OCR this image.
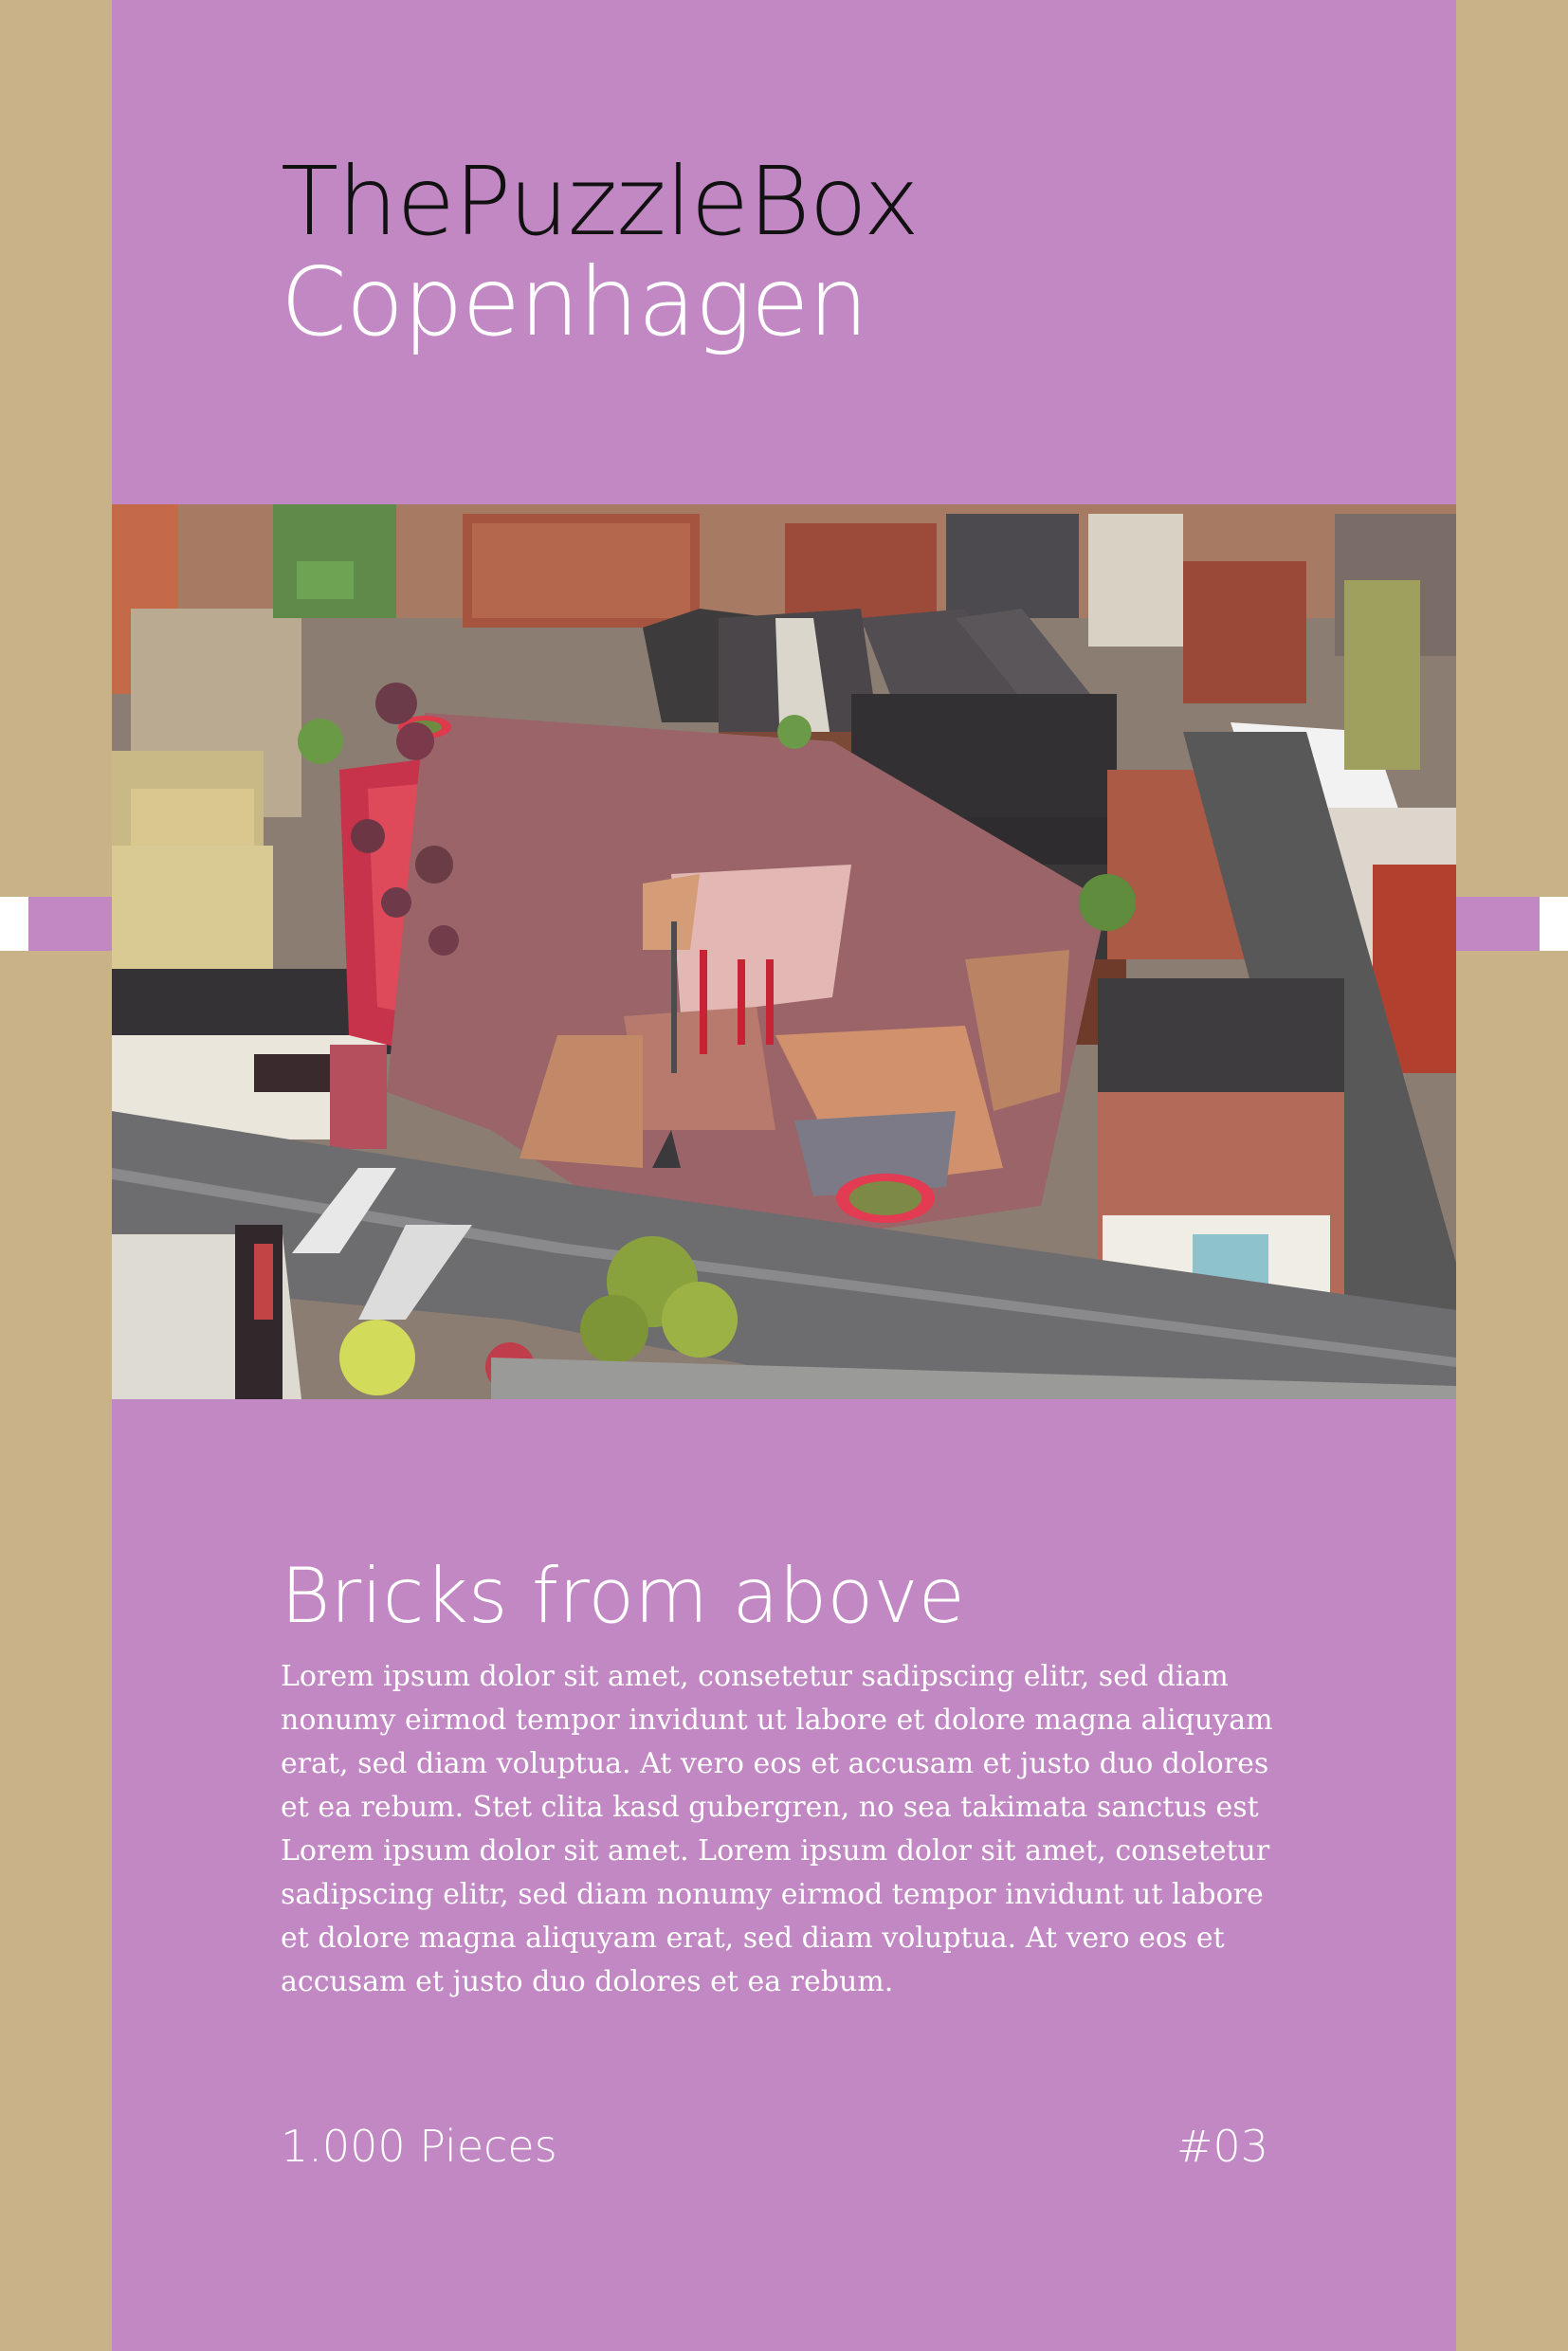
ThePuzzleBox
Copenhagen
Bricks from above
Lorem ipsum dolor sit amet, consetetur sadipscing elitr, sed diam nonumy eirmod tempor invidunt ut labore et dolore magna aliquyam erat, sed diam voluptua. At vero eos et accusam et justo duo dolores et ea rebum. Stet clita kasd gubergren, no sea takimata sanctus est Lorem ipsum dolor sit amet. Lorem ipsum dolor sit amet, consetetur sadipscing elitr, sed diam nonumy eirmod tempor invidunt ut labore et dolore magna aliquyam erat, sed diam voluptua. At vero eos et accusam et justo duo dolores et ea rebum.
1.000 Pieces	#03
